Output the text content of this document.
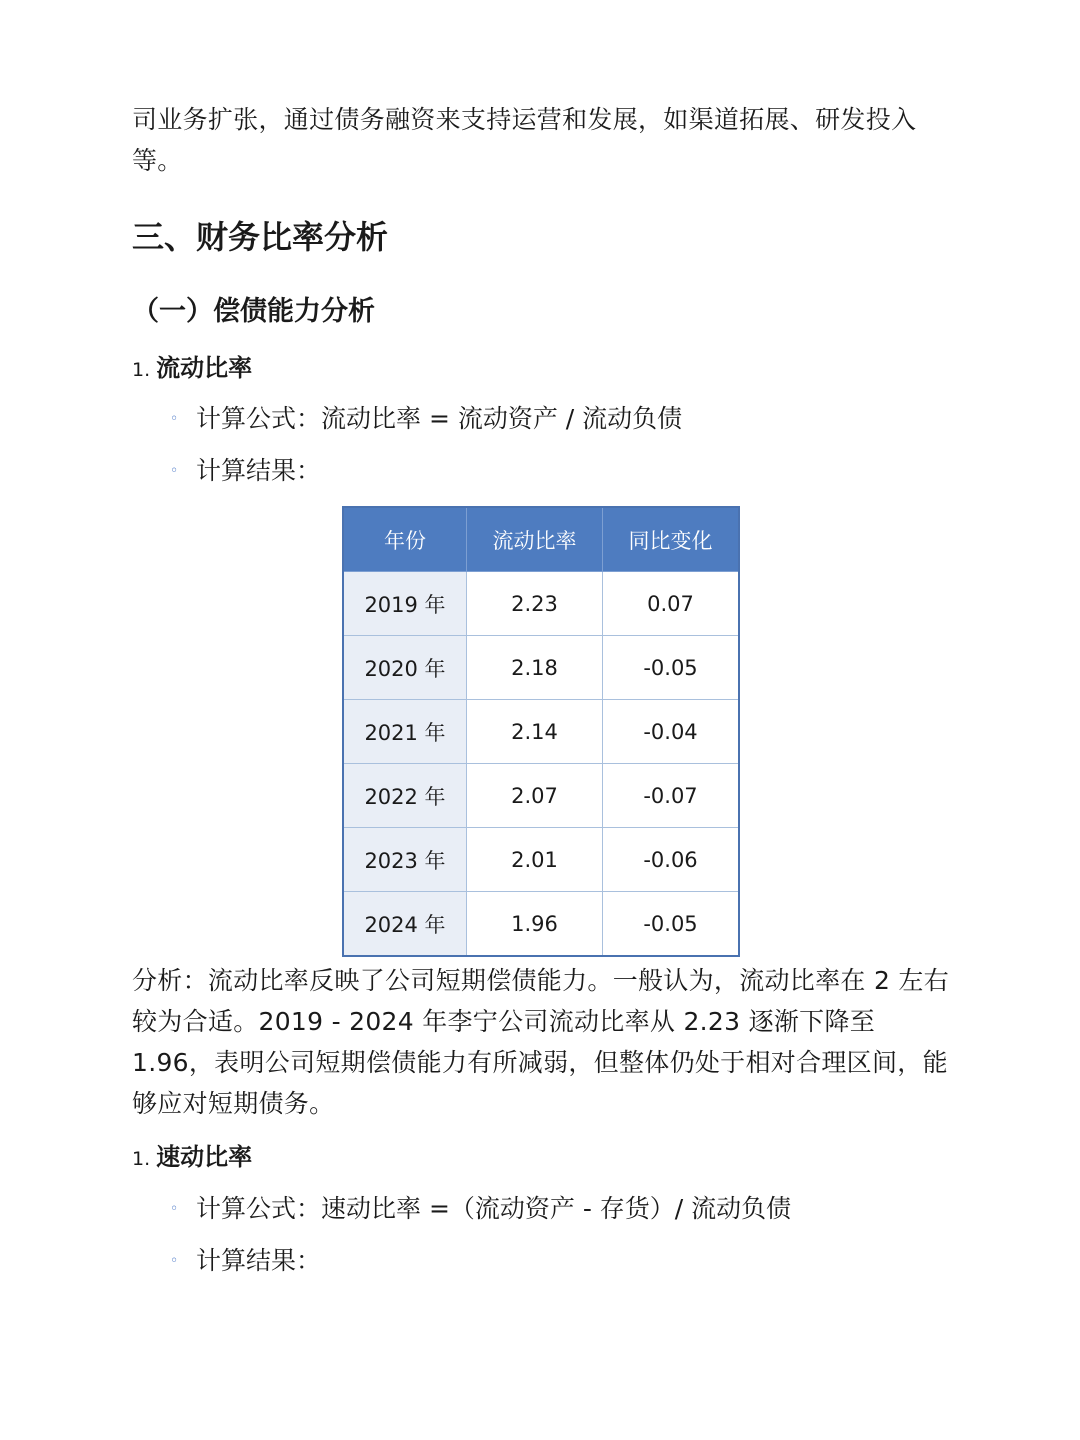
司业务扩张，通过债务融资来支持运营和发展，如渠道拓展、研发投入等。

三、财务比率分析
（一）偿债能力分析
1. 流动比率
◦ 计算公式：流动比率 = 流动资产 / 流动负债
◦ 计算结果：
年份	流动比率	同比变化
2019 年	2.23	0.07
2020 年	2.18	-0.05
2021 年	2.14	-0.04
2022 年	2.07	-0.07
2023 年	2.01	-0.06
2024 年	1.96	-0.05

分析：流动比率反映了公司短期偿债能力。一般认为，流动比率在 2 左右较为合适。2019 - 2024 年李宁公司流动比率从 2.23 逐渐下降至 1.96，表明公司短期偿债能力有所减弱，但整体仍处于相对合理区间，能够应对短期债务。

1. 速动比率
◦ 计算公式：速动比率 =（流动资产 - 存货）/ 流动负债
◦ 计算结果：
